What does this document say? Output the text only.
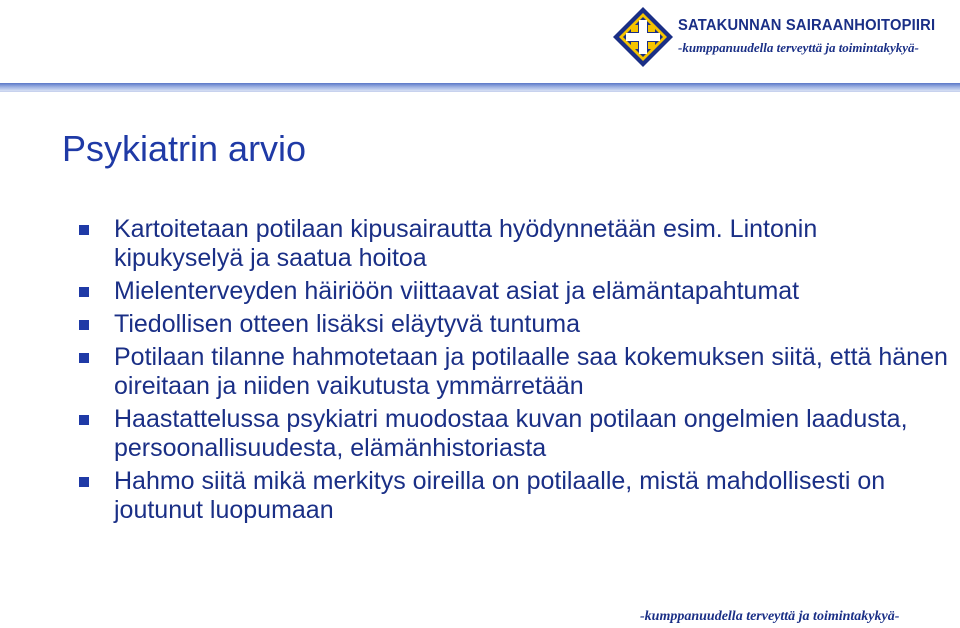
SATAKUNNAN SAIRAANHOITOPIIRI
-kumppanuudella terveyttä ja toimintakykyä-
Psykiatrin arvio
Kartoitetaan potilaan kipusairautta hyödynnetään esim. Lintonin kipukyselyä ja saatua hoitoa
Mielenterveyden häiriöön viittaavat asiat ja elämäntapahtumat
Tiedollisen otteen lisäksi eläytyvä tuntuma
Potilaan tilanne hahmotetaan ja potilaalle saa kokemuksen siitä, että hänen oireitaan ja niiden vaikutusta ymmärretään
Haastattelussa psykiatri muodostaa kuvan potilaan ongelmien laadusta, persoonallisuudesta, elämänhistoriasta
Hahmo siitä mikä merkitys oireilla on potilaalle, mistä mahdollisesti on joutunut luopumaan
-kumppanuudella terveyttä ja toimintakykyä-
